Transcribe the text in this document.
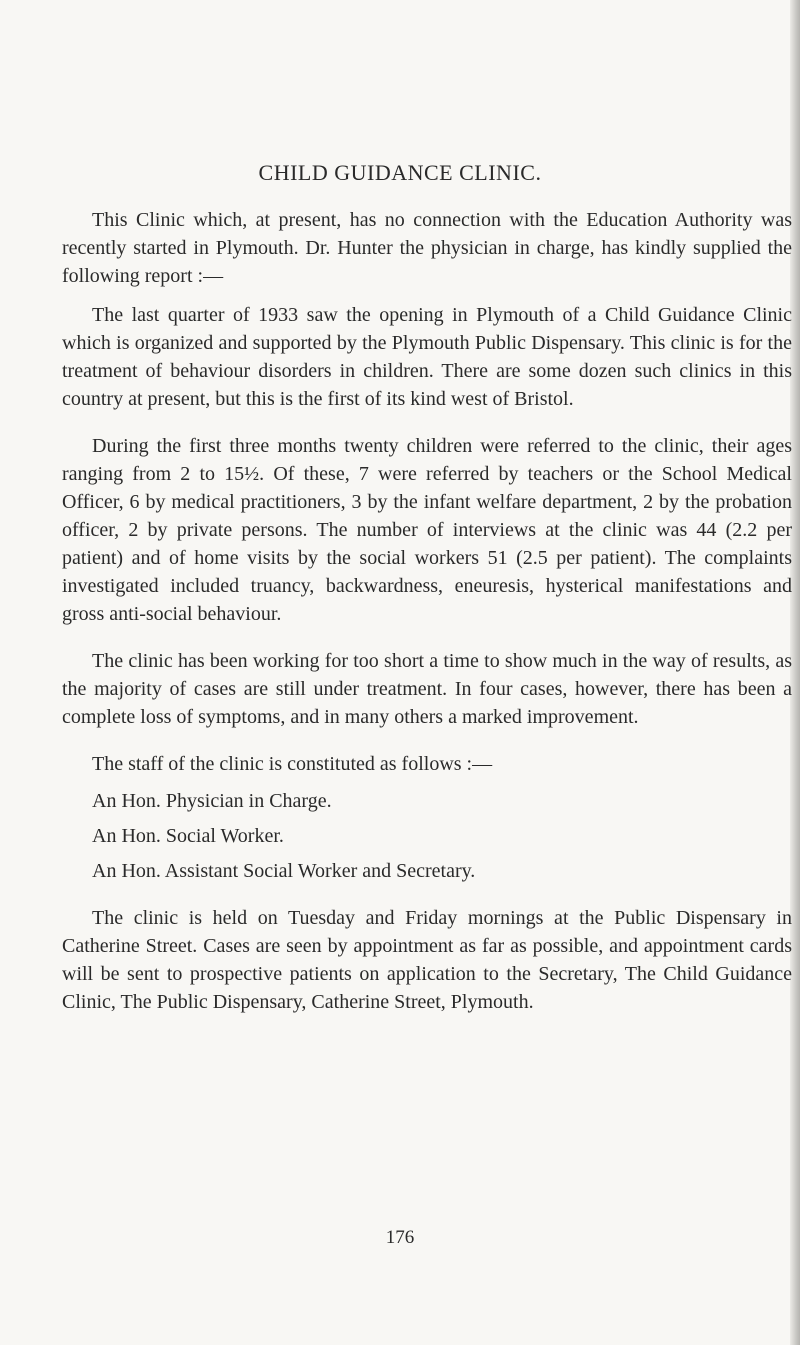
CHILD GUIDANCE CLINIC.

This Clinic which, at present, has no connection with the Education Authority was recently started in Plymouth. Dr. Hunter the physician in charge, has kindly supplied the following report :—

The last quarter of 1933 saw the opening in Plymouth of a Child Guidance Clinic which is organized and supported by the Plymouth Public Dispensary. This clinic is for the treatment of behaviour disorders in children. There are some dozen such clinics in this country at present, but this is the first of its kind west of Bristol.

During the first three months twenty children were referred to the clinic, their ages ranging from 2 to 15½. Of these, 7 were referred by teachers or the School Medical Officer, 6 by medical practitioners, 3 by the infant welfare department, 2 by the probation officer, 2 by private persons. The number of interviews at the clinic was 44 (2.2 per patient) and of home visits by the social workers 51 (2.5 per patient). The complaints investigated included truancy, backwardness, eneuresis, hysterical manifestations and gross anti-social behaviour.

The clinic has been working for too short a time to show much in the way of results, as the majority of cases are still under treatment. In four cases, however, there has been a complete loss of symptoms, and in many others a marked improvement.

The staff of the clinic is constituted as follows :—

An Hon. Physician in Charge.
An Hon. Social Worker.
An Hon. Assistant Social Worker and Secretary.

The clinic is held on Tuesday and Friday mornings at the Public Dispensary in Catherine Street. Cases are seen by appointment as far as possible, and appointment cards will be sent to prospective patients on application to the Secretary, The Child Guidance Clinic, The Public Dispensary, Catherine Street, Plymouth.

176
